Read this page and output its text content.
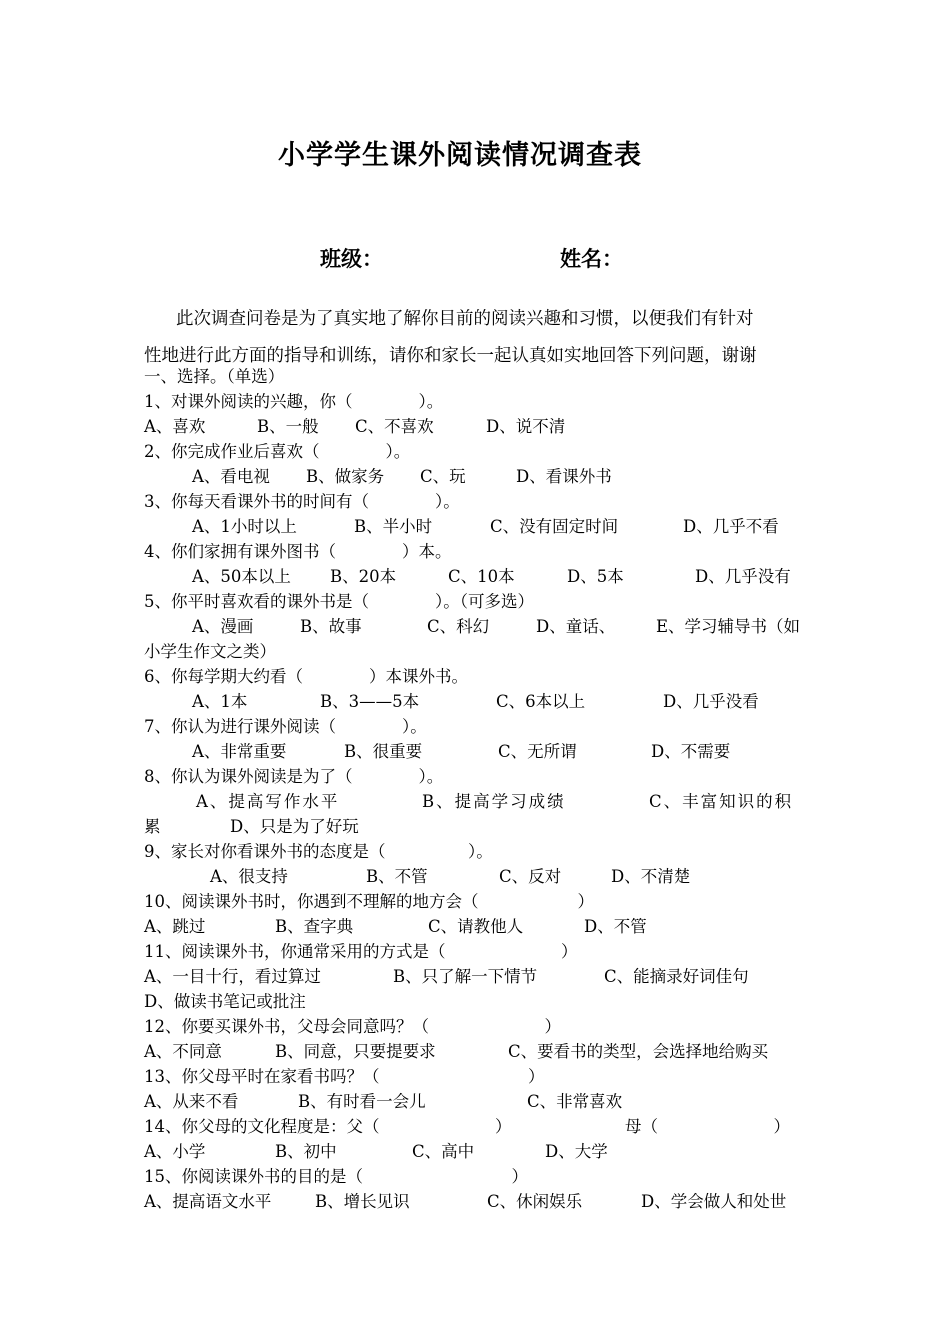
小学学生课外阅读情况调查表
班级：	姓名：
此次调查问卷是为了真实地了解你目前的阅读兴趣和习惯，以便我们有针对
性地进行此方面的指导和训练，请你和家长一起认真如实地回答下列问题，谢谢
一、选择。（单选）
1、对课外阅读的兴趣，你（　　　　）。
A、喜欢	B、一般 C、不喜欢	D、说不清
2、你完成作业后喜欢（　　　　）。
A、看电视 B、做家务 C、玩	D、看课外书
3、你每天看课外书的时间有（　　　　）。
A、1小时以上	B、半小时	C、没有固定时间	D、几乎不看
4、你们家拥有课外图书（　　　　）本。
A、50本以上 B、20本	C、10本	D、5本	D、几乎没有
5、你平时喜欢看的课外书是（　　　　）。（可多选）
A、漫画	B、故事	C、科幻	D、童话、 E、学习辅导书（如
小学生作文之类）
6、你每学期大约看（　　　　）本课外书。
A、1本	B、3——5本	C、6本以上	D、几乎没看
7、你认为进行课外阅读（　　　　）。
A、非常重要	B、很重要	C、无所谓	D、不需要
8、你认为课外阅读是为了（　　　　）。
A、提高写作水平	B、提高学习成绩	C、丰富知识的积
累	D、只是为了好玩
9、家长对你看课外书的态度是（　　　　　）。
A、很支持	B、不管	C、反对	D、不清楚
10、阅读课外书时，你遇到不理解的地方会（　　　　　　）
A、跳过	B、查字典	C、请教他人	D、不管
11、阅读课外书，你通常采用的方式是（　　　　　　　）
A、一目十行，看过算过	B、只了解一下情节	C、能摘录好词佳句
D、做读书笔记或批注
12、你要买课外书，父母会同意吗？（　　　　　　　）
A、不同意	B、同意，只要提要求	C、要看书的类型，会选择地给购买
13、你父母平时在家看书吗？（　　　　　　　　　）
A、从来不看	B、有时看一会儿	C、非常喜欢
14、你父母的文化程度是：父（　　　　　　　）	母（　　　　　　　）
A、小学	B、初中	C、高中	D、大学
15、你阅读课外书的目的是（　　　　　　　　　）
A、提高语文水平	B、增长见识	C、休闲娱乐	D、学会做人和处世
